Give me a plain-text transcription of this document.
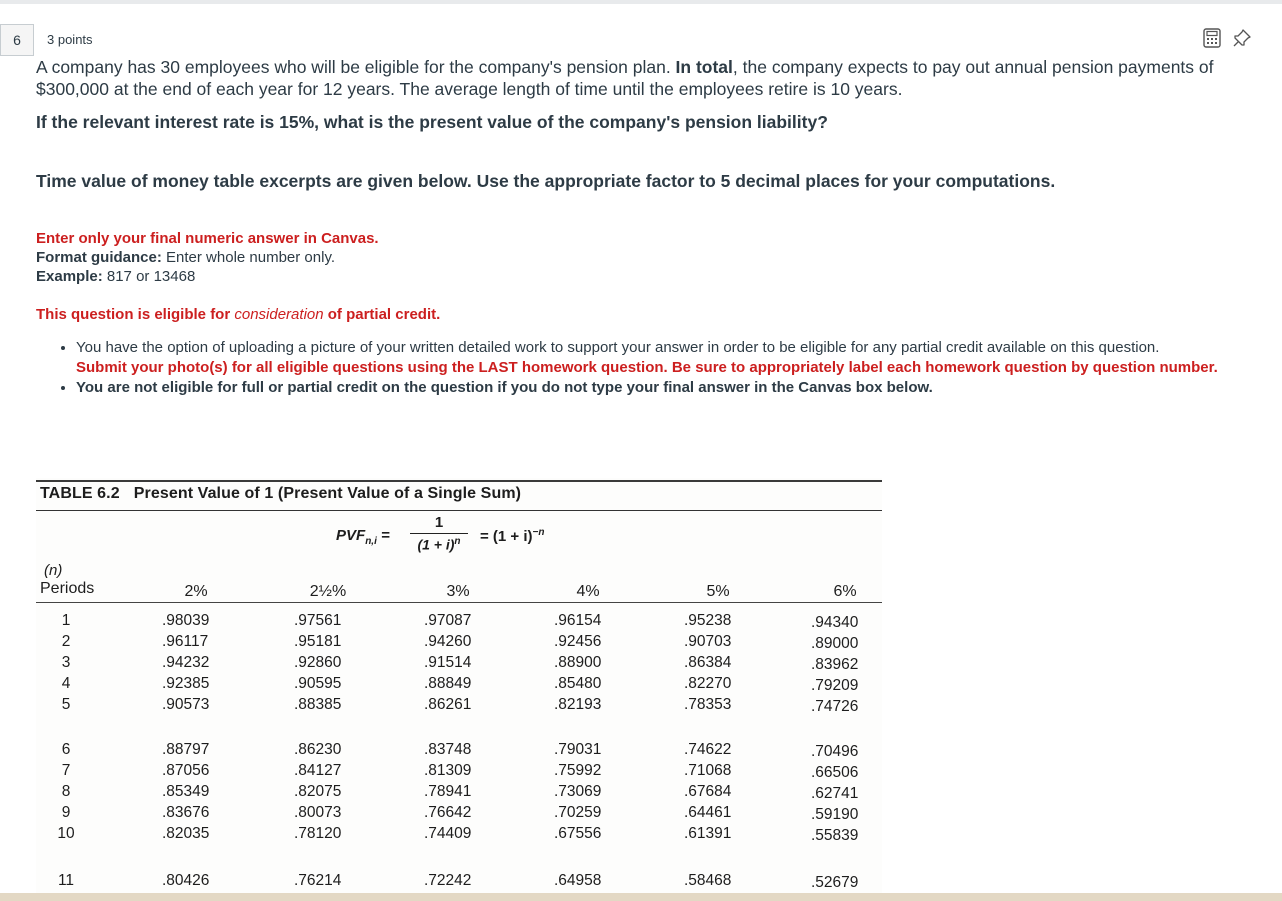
6	3 points

A company has 30 employees who will be eligible for the company's pension plan. In total, the company expects to pay out annual pension payments of $300,000 at the end of each year for 12 years. The average length of time until the employees retire is 10 years.

If the relevant interest rate is 15%, what is the present value of the company's pension liability?

Time value of money table excerpts are given below. Use the appropriate factor to 5 decimal places for your computations.

Enter only your final numeric answer in Canvas.

Format guidance: Enter whole number only.

Example: 817 or 13468

This question is eligible for consideration of partial credit.

• You have the option of uploading a picture of your written detailed work to support your answer in order to be eligible for any partial credit available on this question.
Submit your photo(s) for all eligible questions using the LAST homework question. Be sure to appropriately label each homework question by question number.
• You are not eligible for full or partial credit on the question if you do not type your final answer in the Canvas box below.
TABLE 6.2 Present Value of 1 (Present Value of a Single Sum)
$PVF_{n,i}$ =
1
$(1 + i)^n$	= $(1 + i)^{-n}$
(n)
Periods	2%	2½%	3%	4%	5%	6%
1	.98039	.97561	.97087	.96154	.95238	.94340
2	.96117	.95181	.94260	.92456	.90703	.89000
3	.94232	.92860	.91514	.88900	.86384	.83962
4	.92385	.90595	.88849	.85480	.82270	.79209
5	.90573	.88385	.86261	.82193	.78353	.74726
6	.88797	.86230	.83748	.79031	.74622	.70496
7	.87056	.84127	.81309	.75992	.71068	.66506
8	.85349	.82075	.78941	.73069	.67684	.62741
9	.83676	.80073	.76642	.70259	.64461	.59190
10	.82035	.78120	.74409	.67556	.61391	.55839
11	.80426	.76214	.72242	.64958	.58468	.52679
